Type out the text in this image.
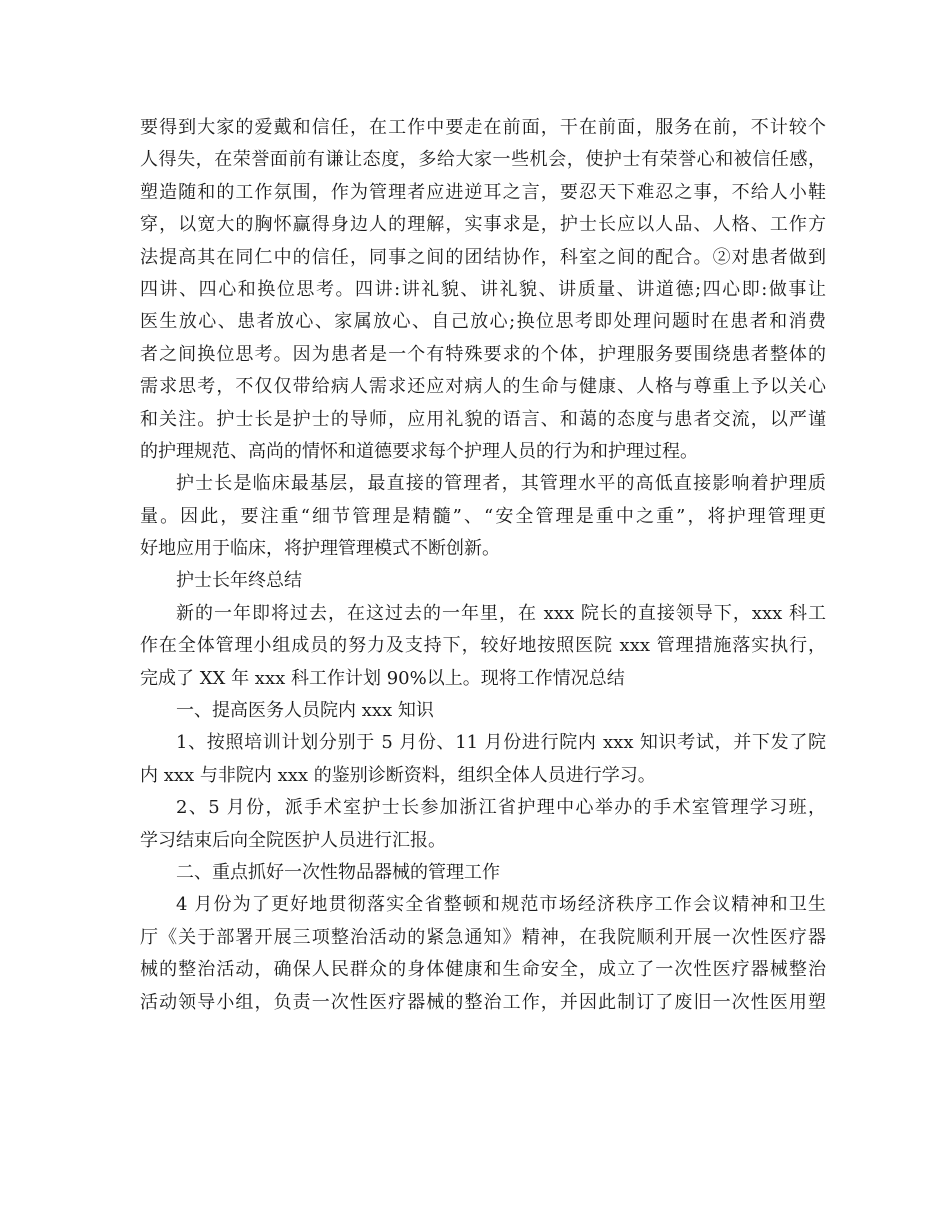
要得到大家的爱戴和信任，在工作中要走在前面，干在前面，服务在前，不计较个
人得失，在荣誉面前有谦让态度，多给大家一些机会，使护士有荣誉心和被信任感，
塑造随和的工作氛围，作为管理者应进逆耳之言，要忍天下难忍之事，不给人小鞋
穿，以宽大的胸怀赢得身边人的理解，实事求是，护士长应以人品、人格、工作方
法提高其在同仁中的信任，同事之间的团结协作，科室之间的配合。②对患者做到
四讲、四心和换位思考。四讲:讲礼貌、讲礼貌、讲质量、讲道德;四心即:做事让
医生放心、患者放心、家属放心、自己放心;换位思考即处理问题时在患者和消费
者之间换位思考。因为患者是一个有特殊要求的个体，护理服务要围绕患者整体的
需求思考，不仅仅带给病人需求还应对病人的生命与健康、人格与尊重上予以关心
和关注。护士长是护士的导师，应用礼貌的语言、和蔼的态度与患者交流，以严谨
的护理规范、高尚的情怀和道德要求每个护理人员的行为和护理过程。
护士长是临床最基层，最直接的管理者，其管理水平的高低直接影响着护理质
量。因此，要注重“细节管理是精髓”、“安全管理是重中之重”，将护理管理更
好地应用于临床，将护理管理模式不断创新。
护士长年终总结
新的一年即将过去，在这过去的一年里，在 xxx 院长的直接领导下，xxx 科工
作在全体管理小组成员的努力及支持下，较好地按照医院 xxx 管理措施落实执行，
完成了 XX 年 xxx 科工作计划 90%以上。现将工作情况总结
一、提高医务人员院内 xxx 知识
1、按照培训计划分别于 5 月份、11 月份进行院内 xxx 知识考试，并下发了院
内 xxx 与非院内 xxx 的鉴别诊断资料，组织全体人员进行学习。
2、5 月份，派手术室护士长参加浙江省护理中心举办的手术室管理学习班，
学习结束后向全院医护人员进行汇报。
二、重点抓好一次性物品器械的管理工作
4 月份为了更好地贯彻落实全省整顿和规范市场经济秩序工作会议精神和卫生
厅《关于部署开展三项整治活动的紧急通知》精神，在我院顺利开展一次性医疗器
械的整治活动，确保人民群众的身体健康和生命安全，成立了一次性医疗器械整治
活动领导小组，负责一次性医疗器械的整治工作，并因此制订了废旧一次性医用塑
